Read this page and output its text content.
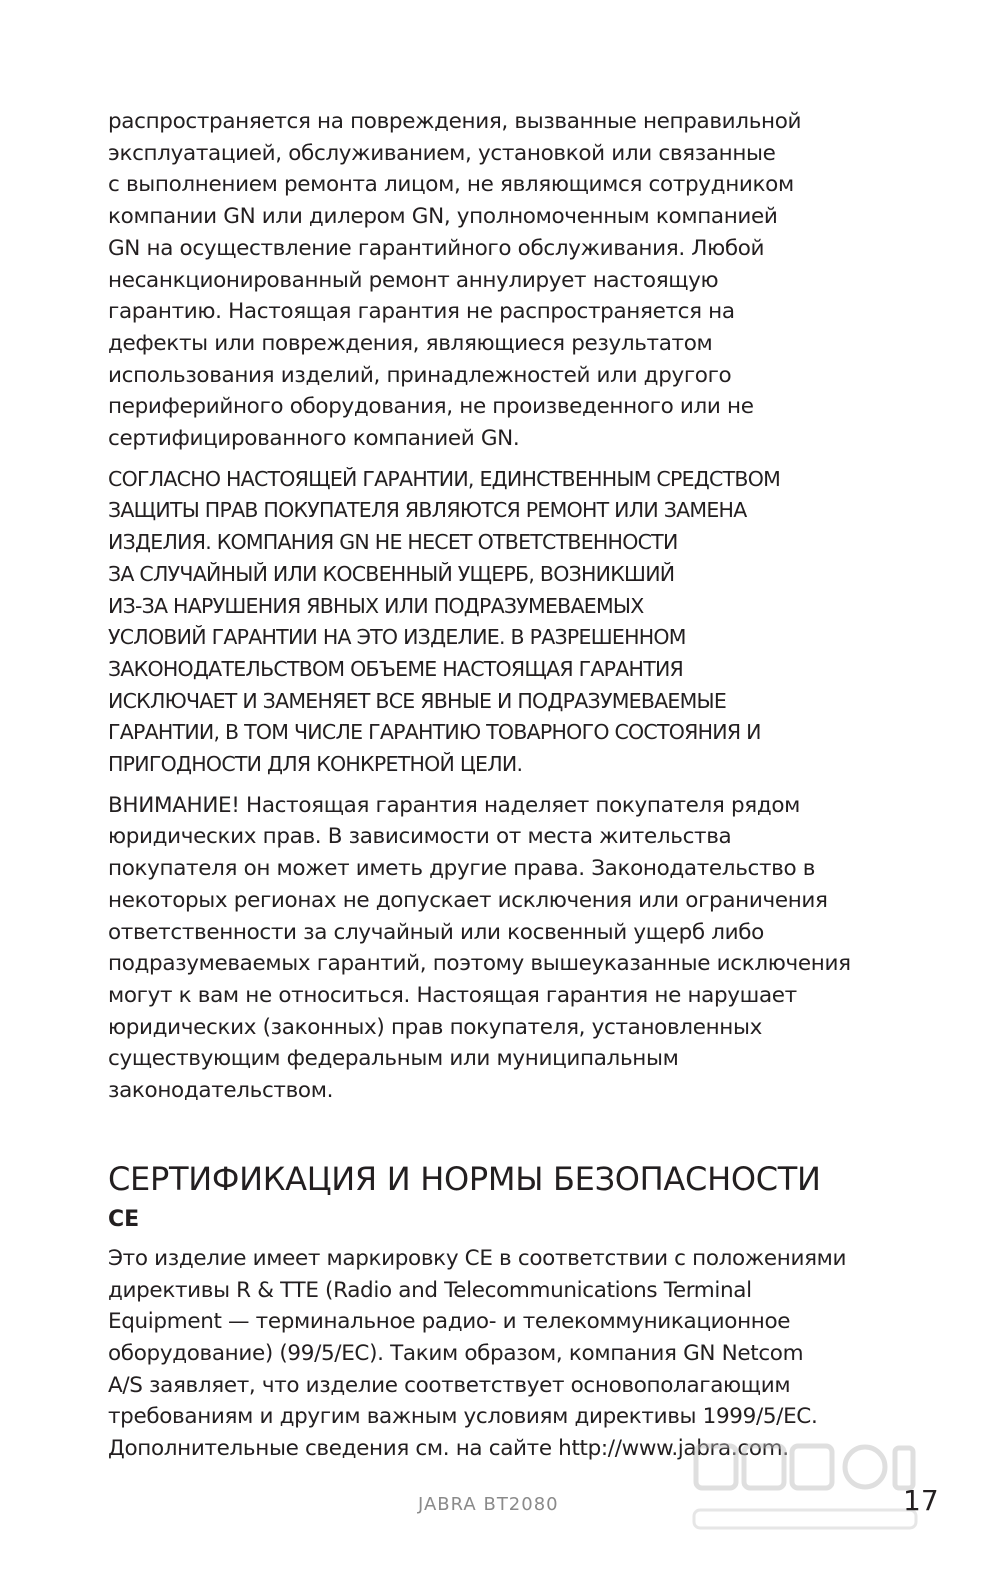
распространяется на повреждения, вызванные неправильной
эксплуатацией, обслуживанием, установкой или связанные
с выполнением ремонта лицом, не являющимся сотрудником
компании GN или дилером GN, уполномоченным компанией
GN на осуществление гарантийного обслуживания. Любой
несанкционированный ремонт аннулирует настоящую
гарантию. Настоящая гарантия не распространяется на
дефекты или повреждения, являющиеся результатом
использования изделий, принадлежностей или другого
периферийного оборудования, не произведенного или не
сертифицированного компанией GN.
СОГЛАСНО НАСТОЯЩЕЙ ГАРАНТИИ, ЕДИНСТВЕННЫМ СРЕДСТВОМ
ЗАЩИТЫ ПРАВ ПОКУПАТЕЛЯ ЯВЛЯЮТСЯ РЕМОНТ ИЛИ ЗАМЕНА
ИЗДЕЛИЯ. КОМПАНИЯ GN НЕ НЕСЕТ ОТВЕТСТВЕННОСТИ
ЗА СЛУЧАЙНЫЙ ИЛИ КОСВЕННЫЙ УЩЕРБ, ВОЗНИКШИЙ
ИЗ-ЗА НАРУШЕНИЯ ЯВНЫХ ИЛИ ПОДРАЗУМЕВАЕМЫХ
УСЛОВИЙ ГАРАНТИИ НА ЭТО ИЗДЕЛИЕ. В РАЗРЕШЕННОМ
ЗАКОНОДАТЕЛЬСТВОМ ОБЪЕМЕ НАСТОЯЩАЯ ГАРАНТИЯ
ИСКЛЮЧАЕТ И ЗАМЕНЯЕТ ВСЕ ЯВНЫЕ И ПОДРАЗУМЕВАЕМЫЕ
ГАРАНТИИ, В ТОМ ЧИСЛЕ ГАРАНТИЮ ТОВАРНОГО СОСТОЯНИЯ И
ПРИГОДНОСТИ ДЛЯ КОНКРЕТНОЙ ЦЕЛИ.
ВНИМАНИЕ! Настоящая гарантия наделяет покупателя рядом
юридических прав. В зависимости от места жительства
покупателя он может иметь другие права. Законодательство в
некоторых регионах не допускает исключения или ограничения
ответственности за случайный или косвенный ущерб либо
подразумеваемых гарантий, поэтому вышеуказанные исключения
могут к вам не относиться. Настоящая гарантия не нарушает
юридических (законных) прав покупателя, установленных
существующим федеральным или муниципальным
законодательством.
СЕРТИФИКАЦИЯ И НОРМЫ БЕЗОПАСНОСТИ
CE
Это изделие имеет маркировку CE в соответствии с положениями
директивы R & TTE (Radio and Telecommunications Terminal
Equipment — терминальное радио- и телекоммуникационное
оборудование) (99/5/EC). Таким образом, компания GN Netcom
A/S заявляет, что изделие соответствует основополагающим
требованиям и другим важным условиям директивы 1999/5/EC.
Дополнительные сведения см. на сайте http://www.jabra.com.
JABRA BT2080	17
